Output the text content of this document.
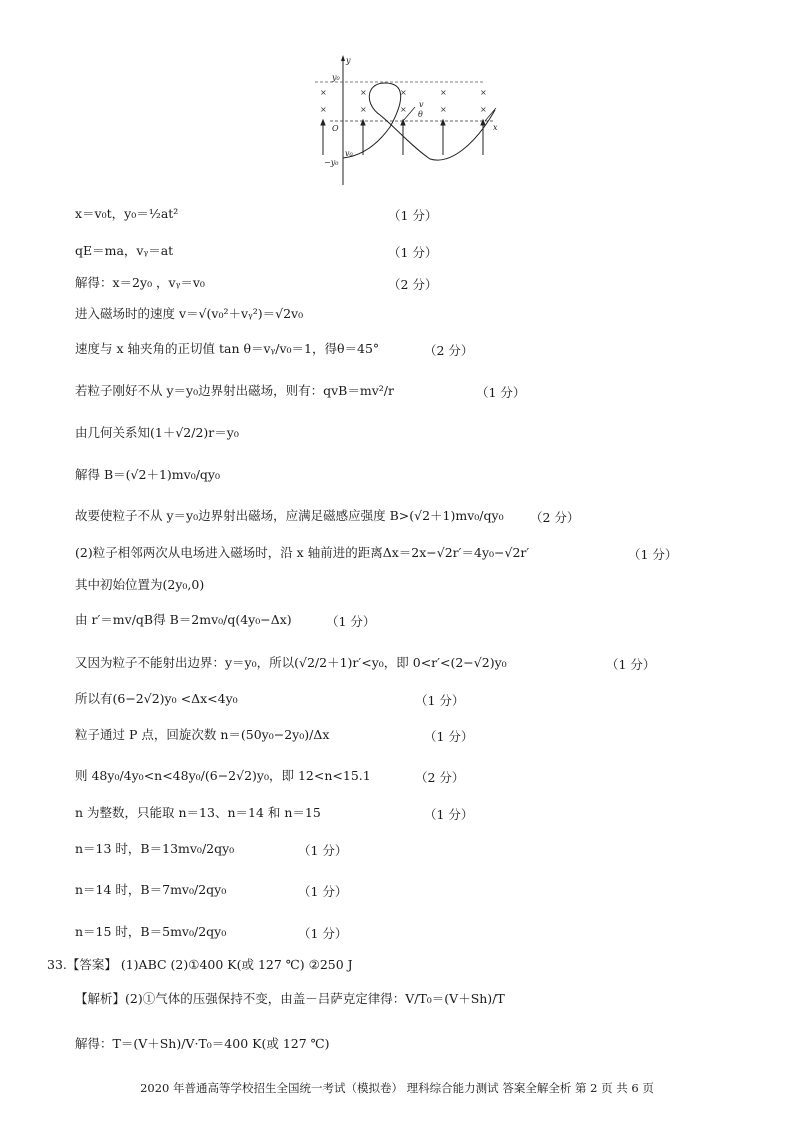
×
×
×
×
×
×
×
×
×
×
y
x
O
y₀
−y₀
v₀
θ
v
x＝v₀t，y₀＝½at²	（1 分）
qE＝ma，vᵧ＝at	（1 分）
解得：x＝2y₀ ，vᵧ＝v₀	（2 分）
进入磁场时的速度 v＝√(v₀²＋vᵧ²)＝√2v₀
速度与 x 轴夹角的正切值 tan θ＝vᵧ/v₀＝1，得θ＝45°	（2 分）
若粒子刚好不从 y＝y₀边界射出磁场，则有：qvB＝mv²/r	（1 分）
由几何关系知(1＋√2/2)r＝y₀
解得 B＝(√2＋1)mv₀/qy₀
故要使粒子不从 y＝y₀边界射出磁场，应满足磁感应强度 B>(√2＋1)mv₀/qy₀ （2 分）
(2)粒子相邻两次从电场进入磁场时，沿 x 轴前进的距离Δx＝2x−√2r′＝4y₀−√2r′	（1 分）
其中初始位置为(2y₀,0)
由 r′＝mv/qB得 B＝2mv₀/q(4y₀−Δx)	（1 分）
又因为粒子不能射出边界：y＝y₀，所以(√2/2＋1)r′<y₀，即 0<r′<(2−√2)y₀	（1 分）
所以有(6−2√2)y₀ <Δx<4y₀	（1 分）
粒子通过 P 点，回旋次数 n＝(50y₀−2y₀)/Δx	（1 分）
则 48y₀/4y₀<n<48y₀/(6−2√2)y₀，即 12<n<15.1	（2 分）
n 为整数，只能取 n＝13、n＝14 和 n＝15	（1 分）
n＝13 时，B＝13mv₀/2qy₀	（1 分）
n＝14 时，B＝7mv₀/2qy₀	（1 分）
n＝15 时，B＝5mv₀/2qy₀	（1 分）
33.【答案】 (1)ABC (2)①400 K(或 127 ℃) ②250 J
【解析】(2)①气体的压强保持不变，由盖－吕萨克定律得：V/T₀＝(V＋Sh)/T
解得：T＝(V＋Sh)/V·T₀＝400 K(或 127 ℃)
2020 年普通高等学校招生全国统一考试（模拟卷） 理科综合能力测试 答案全解全析 第 2 页 共 6 页
